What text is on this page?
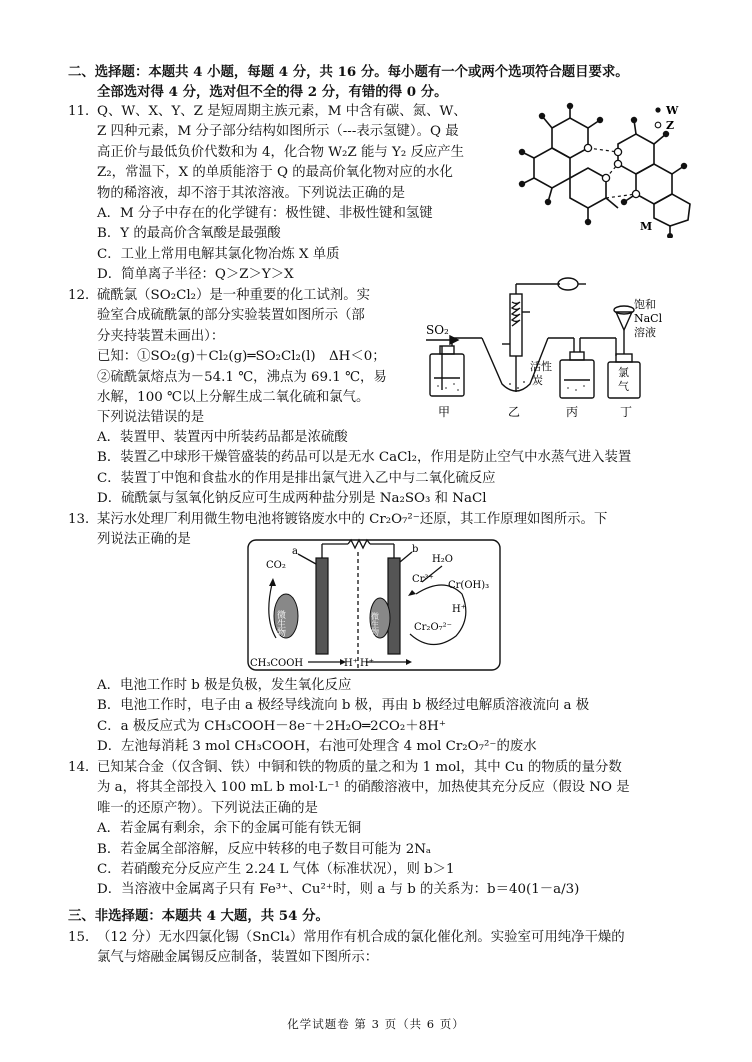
二、选择题：本题共 4 小题，每题 4 分，共 16 分。每小题有一个或两个选项符合题目要求。
全部选对得 4 分，选对但不全的得 2 分，有错的得 0 分。
11．Q、W、X、Y、Z 是短周期主族元素，M 中含有碳、氮、W、
Z 四种元素，M 分子部分结构如图所示（---表示氢键）。Q 最
高正价与最低负价代数和为 4，化合物 W₂Z 能与 Y₂ 反应产生
Z₂，常温下，X 的单质能溶于 Q 的最高价氧化物对应的水化
物的稀溶液，却不溶于其浓溶液。下列说法正确的是
A．M 分子中存在的化学键有：极性键、非极性键和氢键
B．Y 的最高价含氧酸是最强酸
C．工业上常用电解其氯化物冶炼 X 单质
D．简单离子半径：Q＞Z＞Y＞X
W
Z
M
12．硫酰氯（SO₂Cl₂）是一种重要的化工试剂。实
验室合成硫酰氯的部分实验装置如图所示（部
分夹持装置未画出）：
已知：①SO₂(g)＋Cl₂(g)═SO₂Cl₂(l)　ΔH＜0；
②硫酰氯熔点为－54.1 ℃，沸点为 69.1 ℃，易
水解，100 ℃以上分解生成二氧化硫和氯气。
下列说法错误的是
A．装置甲、装置丙中所装药品都是浓硫酸
B．装置乙中球形干燥管盛装的药品可以是无水 CaCl₂，作用是防止空气中水蒸气进入装置
C．装置丁中饱和食盐水的作用是排出氯气进入乙中与二氧化硫反应
D．硫酰氯与氢氧化钠反应可生成两种盐分别是 Na₂SO₃ 和 NaCl
SO₂
饱和
NaCl
溶液
活性
炭
氯
气
甲	乙	丙	丁
13．某污水处理厂利用微生物电池将镀铬废水中的 Cr₂O₇²⁻还原，其工作原理如图所示。下
列说法正确的是
微生物	微生物
CO₂
CH₃COOH	H⁺ H⁺
H₂O
Cr³⁺
Cr(OH)₃
H⁺
Cr₂O₇²⁻
a	b
A．电池工作时 b 极是负极，发生氧化反应
B．电池工作时，电子由 a 极经导线流向 b 极，再由 b 极经过电解质溶液流向 a 极
C．a 极反应式为 CH₃COOH－8e⁻＋2H₂O═2CO₂＋8H⁺
D．左池每消耗 3 mol CH₃COOH，右池可处理含 4 mol Cr₂O₇²⁻的废水
14．已知某合金（仅含铜、铁）中铜和铁的物质的量之和为 1 mol，其中 Cu 的物质的量分数
为 a，将其全部投入 100 mL b mol·L⁻¹ 的硝酸溶液中，加热使其充分反应（假设 NO 是
唯一的还原产物）。下列说法正确的是
A．若金属有剩余，余下的金属可能有铁无铜
B．若金属全部溶解，反应中转移的电子数目可能为 2Nₐ
C．若硝酸充分反应产生 2.24 L 气体（标准状况），则 b＞1
D．当溶液中金属离子只有 Fe³⁺、Cu²⁺时，则 a 与 b 的关系为：b＝40(1－a/3)
三、非选择题：本题共 4 大题，共 54 分。
15．（12 分）无水四氯化锡（SnCl₄）常用作有机合成的氯化催化剂。实验室可用纯净干燥的
氯气与熔融金属锡反应制备，装置如下图所示：
化学试题卷 第 3 页（共 6 页）
